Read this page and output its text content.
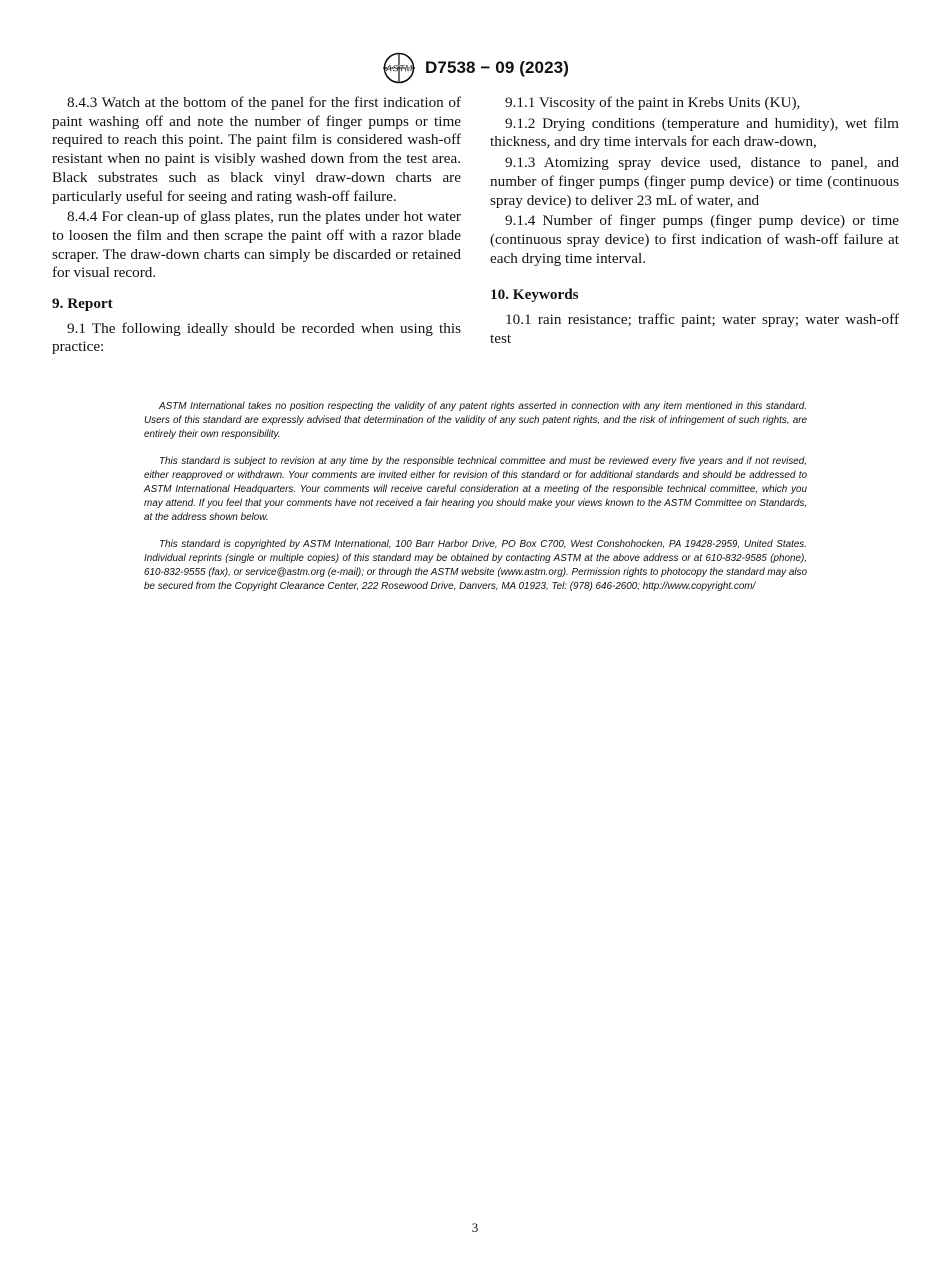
ASTM D7538 − 09 (2023)

8.4.3 Watch at the bottom of the panel for the first indication of paint washing off and note the number of finger pumps or time required to reach this point. The paint film is considered wash-off resistant when no paint is visibly washed down from the test area. Black substrates such as black vinyl draw-down charts are particularly useful for seeing and rating wash-off failure.

8.4.4 For clean-up of glass plates, run the plates under hot water to loosen the film and then scrape the paint off with a razor blade scraper. The draw-down charts can simply be discarded or retained for visual record.

9. Report

9.1 The following ideally should be recorded when using this practice:

9.1.1 Viscosity of the paint in Krebs Units (KU),

9.1.2 Drying conditions (temperature and humidity), wet film thickness, and dry time intervals for each draw-down,

9.1.3 Atomizing spray device used, distance to panel, and number of finger pumps (finger pump device) or time (continuous spray device) to deliver 23 mL of water, and

9.1.4 Number of finger pumps (finger pump device) or time (continuous spray device) to first indication of wash-off failure at each drying time interval.

10. Keywords

10.1 rain resistance; traffic paint; water spray; water wash-off test

ASTM International takes no position respecting the validity of any patent rights asserted in connection with any item mentioned in this standard. Users of this standard are expressly advised that determination of the validity of any such patent rights, and the risk of infringement of such rights, are entirely their own responsibility.

This standard is subject to revision at any time by the responsible technical committee and must be reviewed every five years and if not revised, either reapproved or withdrawn. Your comments are invited either for revision of this standard or for additional standards and should be addressed to ASTM International Headquarters. Your comments will receive careful consideration at a meeting of the responsible technical committee, which you may attend. If you feel that your comments have not received a fair hearing you should make your views known to the ASTM Committee on Standards, at the address shown below.

This standard is copyrighted by ASTM International, 100 Barr Harbor Drive, PO Box C700, West Conshohocken, PA 19428-2959, United States. Individual reprints (single or multiple copies) of this standard may be obtained by contacting ASTM at the above address or at 610-832-9585 (phone), 610-832-9555 (fax), or service@astm.org (e-mail); or through the ASTM website (www.astm.org). Permission rights to photocopy the standard may also be secured from the Copyright Clearance Center, 222 Rosewood Drive, Danvers, MA 01923, Tel: (978) 646-2600; http://www.copyright.com/

3
